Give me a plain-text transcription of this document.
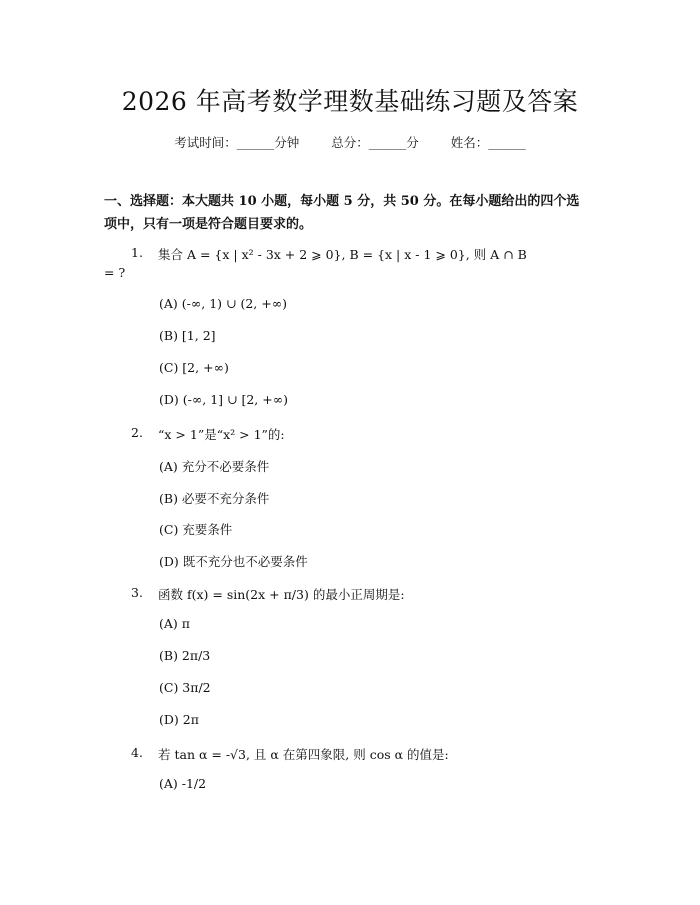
2026 年高考数学理数基础练习题及答案
考试时间：______分钟	总分：______分	姓名：______
一、选择题：本大题共 10 小题，每小题 5 分，共 50 分。在每小题给出的四个选
项中，只有一项是符合题目要求的。
1. 集合 A = {x | x² - 3x + 2 ⩾ 0}, B = {x | x - 1 ⩾ 0}, 则 A ∩ B
= ?
(A) (-∞, 1) ∪ (2, +∞)
(B) [1, 2]
(C) [2, +∞)
(D) (-∞, 1] ∪ [2, +∞)
2. “x > 1”是“x² > 1”的:
(A) 充分不必要条件
(B) 必要不充分条件
(C) 充要条件
(D) 既不充分也不必要条件
3. 函数 f(x) = sin(2x + π/3) 的最小正周期是:
(A) π
(B) 2π/3
(C) 3π/2
(D) 2π
4. 若 tan α = -√3, 且 α 在第四象限, 则 cos α 的值是:
(A) -1/2
